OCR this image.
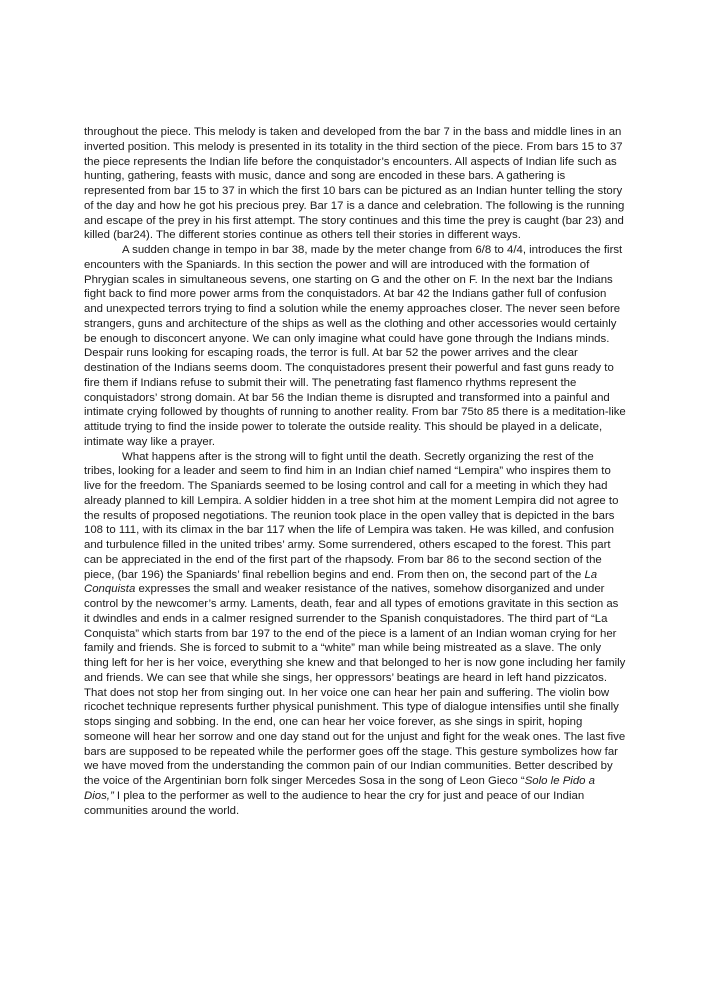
throughout the piece. This melody is taken and developed from the bar 7 in the bass and middle lines in an inverted position. This melody is presented in its totality in the third section of the piece. From bars 15 to 37 the piece represents the Indian life before the conquistador’s encounters. All aspects of Indian life such as hunting, gathering, feasts with music, dance and song are encoded in these bars. A gathering is represented from bar 15 to 37 in which the first 10 bars can be pictured as an Indian hunter telling the story of the day and how he got his precious prey. Bar 17 is a dance and celebration. The following is the running and escape of the prey in his first attempt. The story continues and this time the prey is caught (bar 23) and killed (bar24). The different stories continue as others tell their stories in different ways.

A sudden change in tempo in bar 38, made by the meter change from 6/8 to 4/4, introduces the first encounters with the Spaniards. In this section the power and will are introduced with the formation of Phrygian scales in simultaneous sevens, one starting on G and the other on F. In the next bar the Indians fight back to find more power arms from the conquistadors. At bar 42 the Indians gather full of confusion and unexpected terrors trying to find a solution while the enemy approaches closer. The never seen before strangers, guns and architecture of the ships as well as the clothing and other accessories would certainly be enough to disconcert anyone. We can only imagine what could have gone through the Indians minds. Despair runs looking for escaping roads, the terror is full. At bar 52 the power arrives and the clear destination of the Indians seems doom. The conquistadores present their powerful and fast guns ready to fire them if Indians refuse to submit their will. The penetrating fast flamenco rhythms represent the conquistadors’ strong domain. At bar 56 the Indian theme is disrupted and transformed into a painful and intimate crying followed by thoughts of running to another reality. From bar 75to 85 there is a meditation-like attitude trying to find the inside power to tolerate the outside reality. This should be played in a delicate, intimate way like a prayer.

What happens after is the strong will to fight until the death. Secretly organizing the rest of the tribes, looking for a leader and seem to find him in an Indian chief named “Lempira” who inspires them to live for the freedom. The Spaniards seemed to be losing control and call for a meeting in which they had already planned to kill Lempira. A soldier hidden in a tree shot him at the moment Lempira did not agree to the results of proposed negotiations. The reunion took place in the open valley that is depicted in the bars 108 to 111, with its climax in the bar 117 when the life of Lempira was taken. He was killed, and confusion and turbulence filled in the united tribes’ army. Some surrendered, others escaped to the forest. This part can be appreciated in the end of the first part of the rhapsody. From bar 86 to the second section of the piece, (bar 196) the Spaniards’ final rebellion begins and end. From then on, the second part of the La Conquista expresses the small and weaker resistance of the natives, somehow disorganized and under control by the newcomer’s army. Laments, death, fear and all types of emotions gravitate in this section as it dwindles and ends in a calmer resigned surrender to the Spanish conquistadores. The third part of “La Conquista” which starts from bar 197 to the end of the piece is a lament of an Indian woman crying for her family and friends. She is forced to submit to a “white” man while being mistreated as a slave. The only thing left for her is her voice, everything she knew and that belonged to her is now gone including her family and friends. We can see that while she sings, her oppressors’ beatings are heard in left hand pizzicatos. That does not stop her from singing out. In her voice one can hear her pain and suffering. The violin bow ricochet technique represents further physical punishment. This type of dialogue intensifies until she finally stops singing and sobbing. In the end, one can hear her voice forever, as she sings in spirit, hoping someone will hear her sorrow and one day stand out for the unjust and fight for the weak ones. The last five bars are supposed to be repeated while the performer goes off the stage. This gesture symbolizes how far we have moved from the understanding the common pain of our Indian communities. Better described by the voice of the Argentinian born folk singer Mercedes Sosa in the song of Leon Gieco “Solo le Pido a Dios,” I plea to the performer as well to the audience to hear the cry for just and peace of our Indian communities around the world.
